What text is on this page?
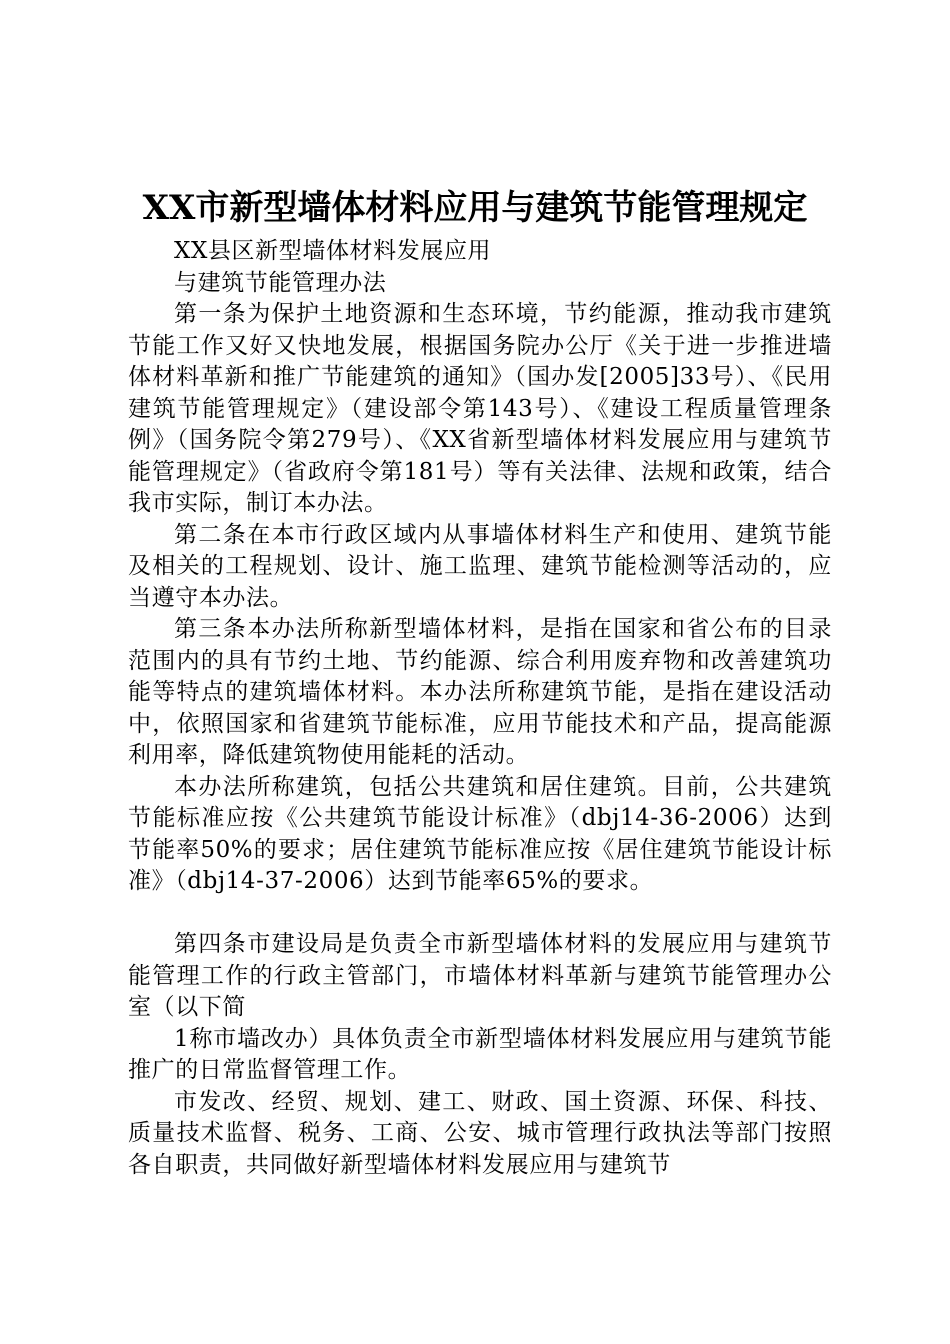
XX市新型墙体材料应用与建筑节能管理规定

XX县区新型墙体材料发展应用

与建筑节能管理办法

第一条为保护土地资源和生态环境，节约能源，推动我市建筑节能工作又好又快地发展，根据国务院办公厅《关于进一步推进墙体材料革新和推广节能建筑的通知》（国办发[2005]33号）、《民用建筑节能管理规定》（建设部令第143号）、《建设工程质量管理条例》（国务院令第279号）、《XX省新型墙体材料发展应用与建筑节能管理规定》（省政府令第181号）等有关法律、法规和政策，结合我市实际，制订本办法。

第二条在本市行政区域内从事墙体材料生产和使用、建筑节能及相关的工程规划、设计、施工监理、建筑节能检测等活动的，应当遵守本办法。

第三条本办法所称新型墙体材料，是指在国家和省公布的目录范围内的具有节约土地、节约能源、综合利用废弃物和改善建筑功能等特点的建筑墙体材料。本办法所称建筑节能，是指在建设活动中，依照国家和省建筑节能标准，应用节能技术和产品，提高能源利用率，降低建筑物使用能耗的活动。

本办法所称建筑，包括公共建筑和居住建筑。目前，公共建筑节能标准应按《公共建筑节能设计标准》（dbj14-36-2006）达到节能率50%的要求；居住建筑节能标准应按《居住建筑节能设计标准》（dbj14-37-2006）达到节能率65%的要求。

第四条市建设局是负责全市新型墙体材料的发展应用与建筑节能管理工作的行政主管部门，市墙体材料革新与建筑节能管理办公室（以下简

1称市墙改办）具体负责全市新型墙体材料发展应用与建筑节能推广的日常监督管理工作。

市发改、经贸、规划、建工、财政、国土资源、环保、科技、质量技术监督、税务、工商、公安、城市管理行政执法等部门按照各自职责，共同做好新型墙体材料发展应用与建筑节
